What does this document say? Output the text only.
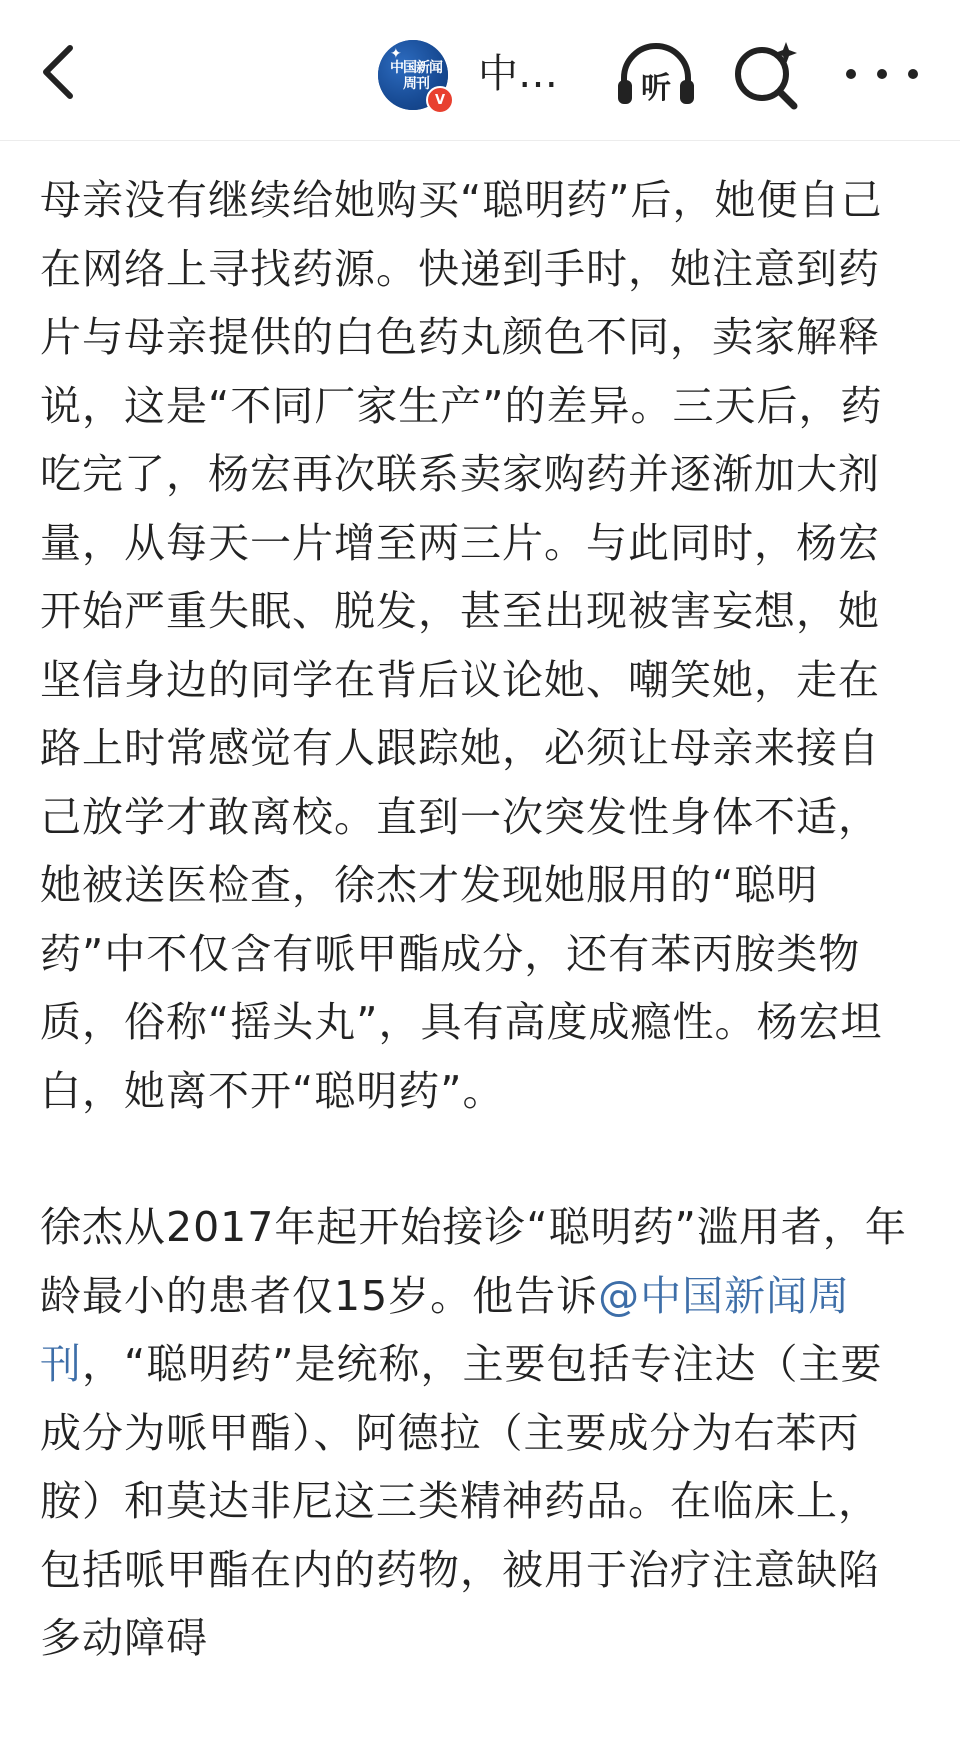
✦
中国新闻周刊
V
中…	听

母亲没有继续给她购买“聪明药”后，她便自己在网络上寻找药源。快递到手时，她注意到药片与母亲提供的白色药丸颜色不同，卖家解释说，这是“不同厂家生产”的差异。三天后，药吃完了，杨宏再次联系卖家购药并逐渐加大剂量，从每天一片增至两三片。与此同时，杨宏开始严重失眠、脱发，甚至出现被害妄想，她坚信身边的同学在背后议论她、嘲笑她，走在路上时常感觉有人跟踪她，必须让母亲来接自己放学才敢离校。直到一次突发性身体不适，她被送医检查，徐杰才发现她服用的“聪明药”中不仅含有哌甲酯成分，还有苯丙胺类物质，俗称“摇头丸”，具有高度成瘾性。杨宏坦白，她离不开“聪明药”。

徐杰从2017年起开始接诊“聪明药”滥用者，年龄最小的患者仅15岁。他告诉@中国新闻周刊，“聪明药”是统称，主要包括专注达（主要成分为哌甲酯）、阿德拉（主要成分为右苯丙胺）和莫达非尼这三类精神药品。在临床上，包括哌甲酯在内的药物，被用于治疗注意缺陷多动障碍
